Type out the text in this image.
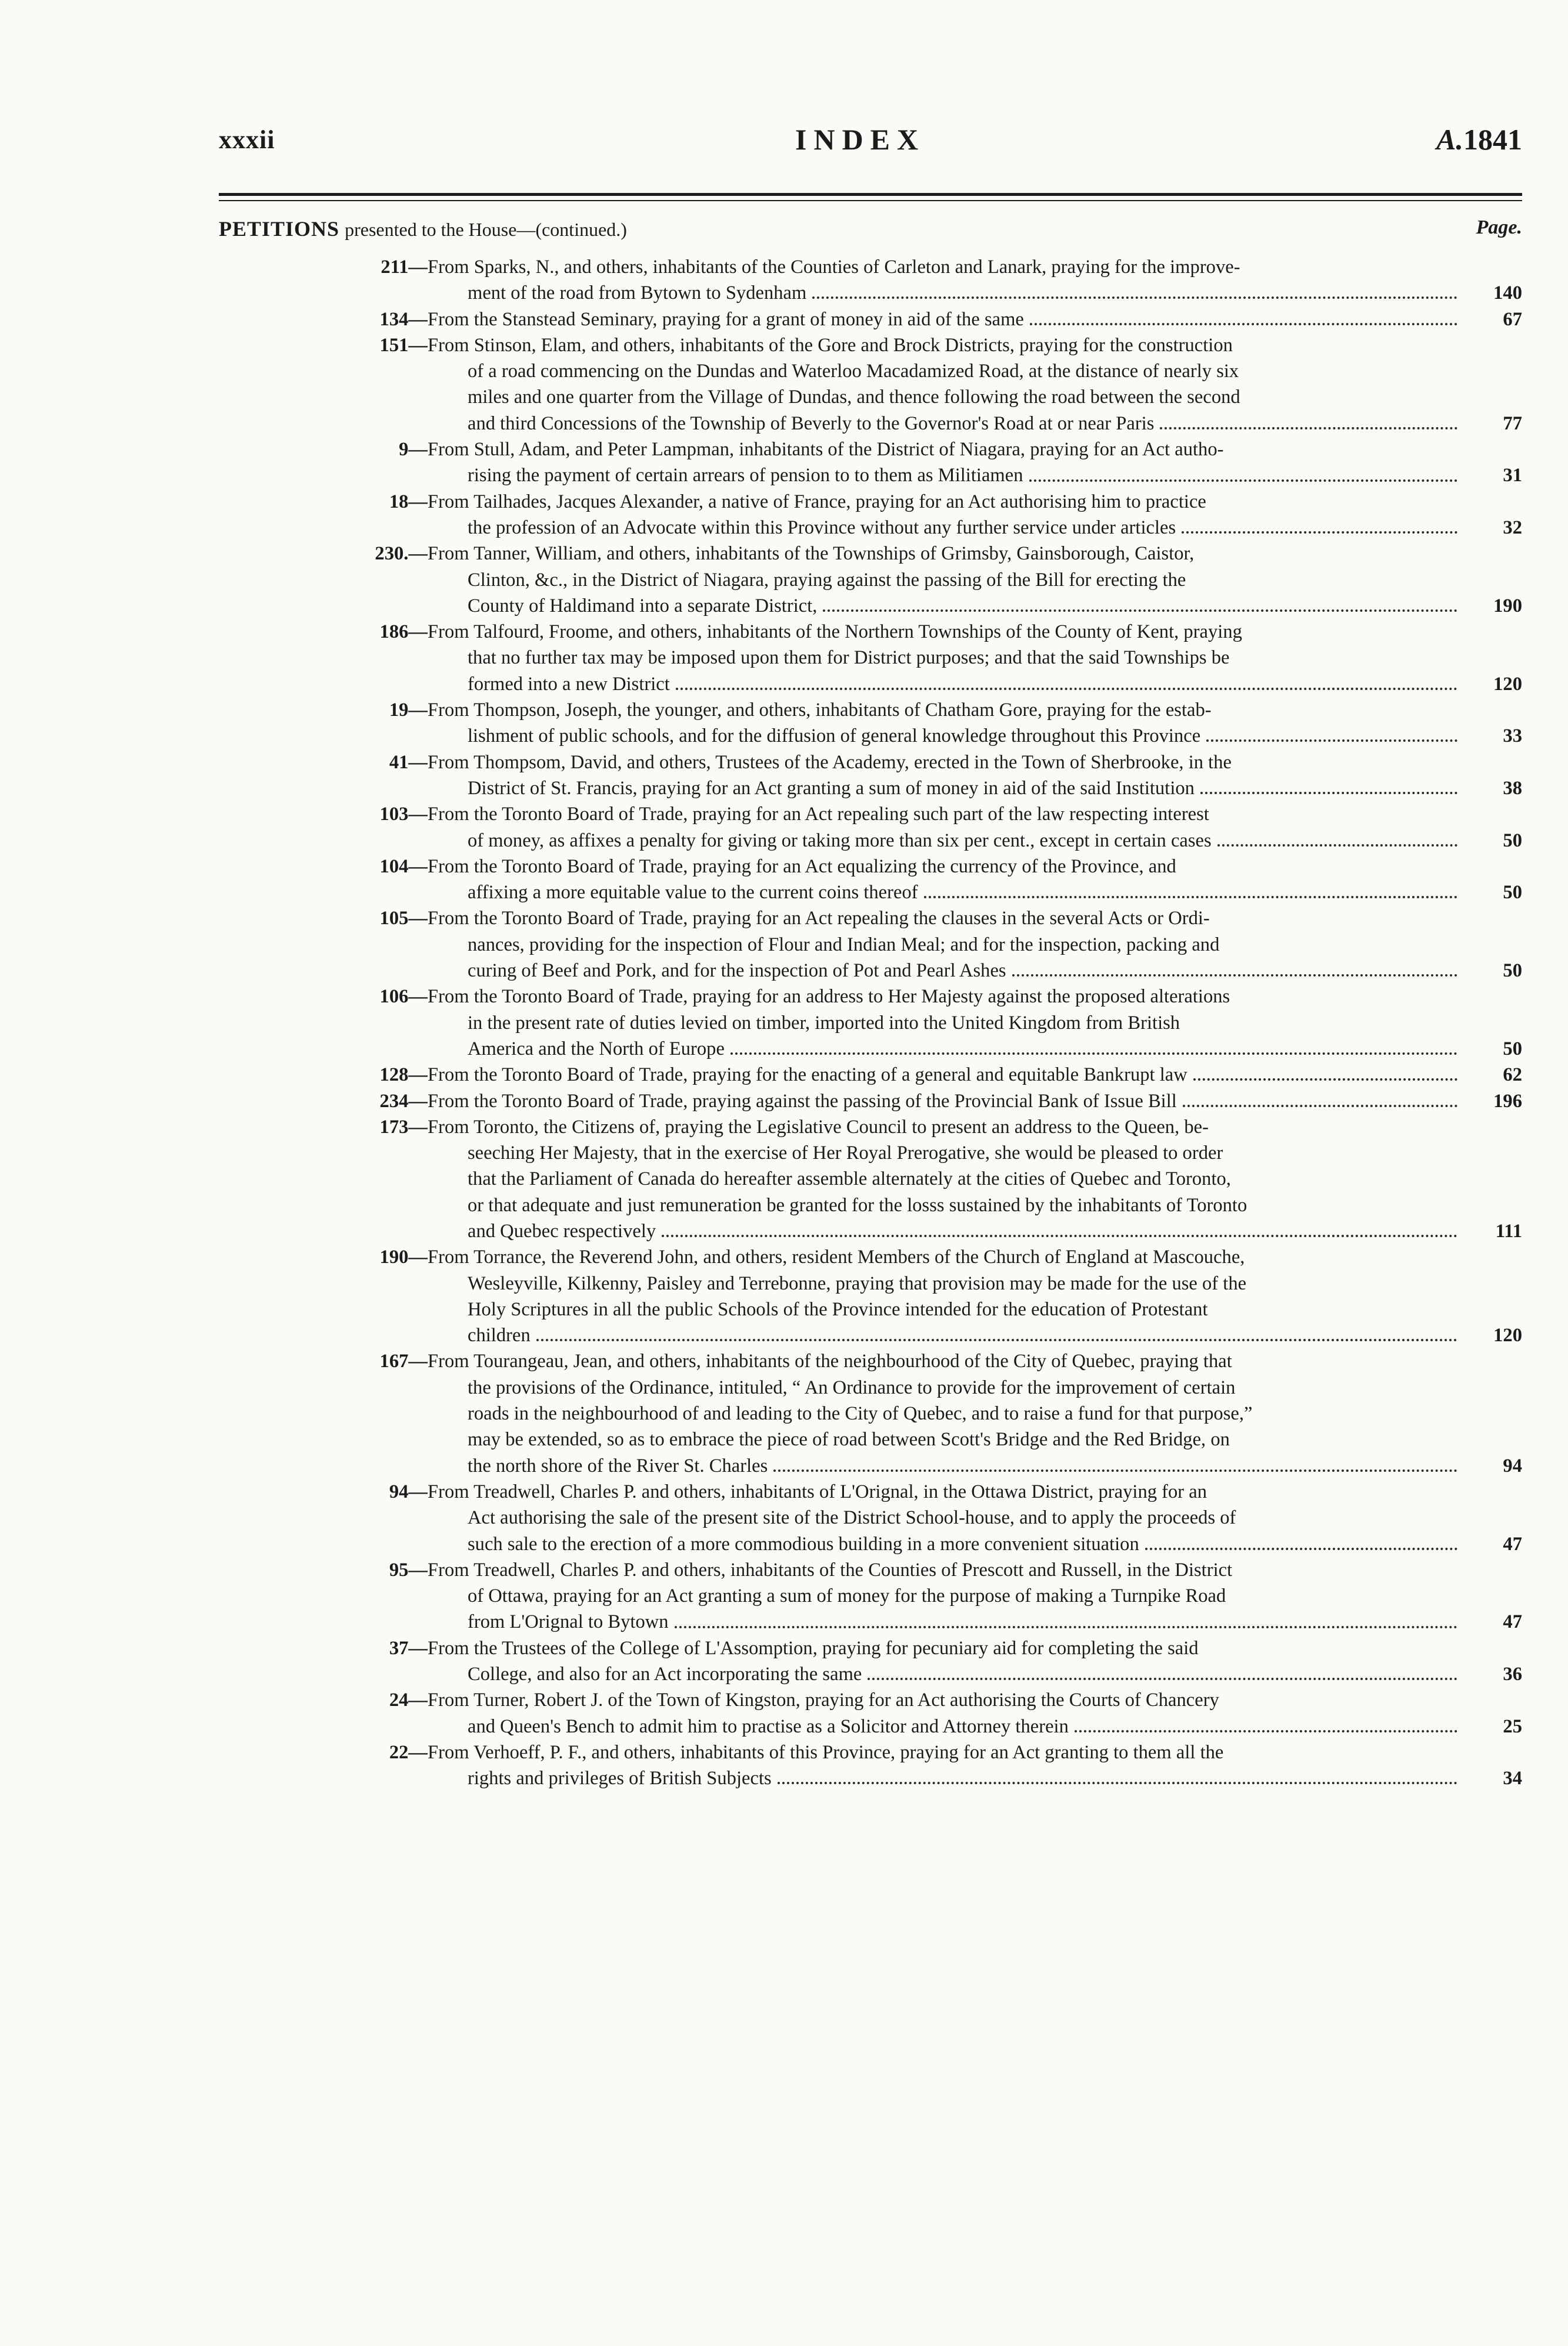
xxxii	INDEX	A.1841
PETITIONS presented to the House—(continued.)	Page.
211— From Sparks, N., and others, inhabitants of the Counties of Carleton and Lanark, praying for the improve-
ment of the road from Bytown to Sydenham	140
134— From the Stanstead Seminary, praying for a grant of money in aid of the same	67
151— From Stinson, Elam, and others, inhabitants of the Gore and Brock Districts, praying for the construction
of a road commencing on the Dundas and Waterloo Macadamized Road, at the distance of nearly six
miles and one quarter from the Village of Dundas, and thence following the road between the second
and third Concessions of the Township of Beverly to the Governor's Road at or near Paris	77
9— From Stull, Adam, and Peter Lampman, inhabitants of the District of Niagara, praying for an Act autho-
rising the payment of certain arrears of pension to to them as Militiamen	31
18— From Tailhades, Jacques Alexander, a native of France, praying for an Act authorising him to practice
the profession of an Advocate within this Province without any further service under articles	32
230.— From Tanner, William, and others, inhabitants of the Townships of Grimsby, Gainsborough, Caistor,
Clinton, &c., in the District of Niagara, praying against the passing of the Bill for erecting the
County of Haldimand into a separate District,	190
186— From Talfourd, Froome, and others, inhabitants of the Northern Townships of the County of Kent, praying
that no further tax may be imposed upon them for District purposes; and that the said Townships be
formed into a new District	120
19— From Thompson, Joseph, the younger, and others, inhabitants of Chatham Gore, praying for the estab-
lishment of public schools, and for the diffusion of general knowledge throughout this Province	33
41— From Thompsom, David, and others, Trustees of the Academy, erected in the Town of Sherbrooke, in the
District of St. Francis, praying for an Act granting a sum of money in aid of the said Institution	38
103— From the Toronto Board of Trade, praying for an Act repealing such part of the law respecting interest
of money, as affixes a penalty for giving or taking more than six per cent., except in certain cases	50
104— From the Toronto Board of Trade, praying for an Act equalizing the currency of the Province, and
affixing a more equitable value to the current coins thereof	50
105— From the Toronto Board of Trade, praying for an Act repealing the clauses in the several Acts or Ordi-
nances, providing for the inspection of Flour and Indian Meal; and for the inspection, packing and
curing of Beef and Pork, and for the inspection of Pot and Pearl Ashes	50
106— From the Toronto Board of Trade, praying for an address to Her Majesty against the proposed alterations
in the present rate of duties levied on timber, imported into the United Kingdom from British
America and the North of Europe	50
128— From the Toronto Board of Trade, praying for the enacting of a general and equitable Bankrupt law	62
234— From the Toronto Board of Trade, praying against the passing of the Provincial Bank of Issue Bill	196
173— From Toronto, the Citizens of, praying the Legislative Council to present an address to the Queen, be-
seeching Her Majesty, that in the exercise of Her Royal Prerogative, she would be pleased to order
that the Parliament of Canada do hereafter assemble alternately at the cities of Quebec and Toronto,
or that adequate and just remuneration be granted for the losss sustained by the inhabitants of Toronto
and Quebec respectively	111
190— From Torrance, the Reverend John, and others, resident Members of the Church of England at Mascouche,
Wesleyville, Kilkenny, Paisley and Terrebonne, praying that provision may be made for the use of the
Holy Scriptures in all the public Schools of the Province intended for the education of Protestant
children	120
167— From Tourangeau, Jean, and others, inhabitants of the neighbourhood of the City of Quebec, praying that
the provisions of the Ordinance, intituled, “ An Ordinance to provide for the improvement of certain
roads in the neighbourhood of and leading to the City of Quebec, and to raise a fund for that purpose,”
may be extended, so as to embrace the piece of road between Scott's Bridge and the Red Bridge, on
the north shore of the River St. Charles	94
94— From Treadwell, Charles P. and others, inhabitants of L'Orignal, in the Ottawa District, praying for an
Act authorising the sale of the present site of the District School-house, and to apply the proceeds of
such sale to the erection of a more commodious building in a more convenient situation	47
95— From Treadwell, Charles P. and others, inhabitants of the Counties of Prescott and Russell, in the District
of Ottawa, praying for an Act granting a sum of money for the purpose of making a Turnpike Road
from L'Orignal to Bytown	47
37— From the Trustees of the College of L'Assomption, praying for pecuniary aid for completing the said
College, and also for an Act incorporating the same	36
24— From Turner, Robert J. of the Town of Kingston, praying for an Act authorising the Courts of Chancery
and Queen's Bench to admit him to practise as a Solicitor and Attorney therein	25
22— From Verhoeff, P. F., and others, inhabitants of this Province, praying for an Act granting to them all the
rights and privileges of British Subjects	34
